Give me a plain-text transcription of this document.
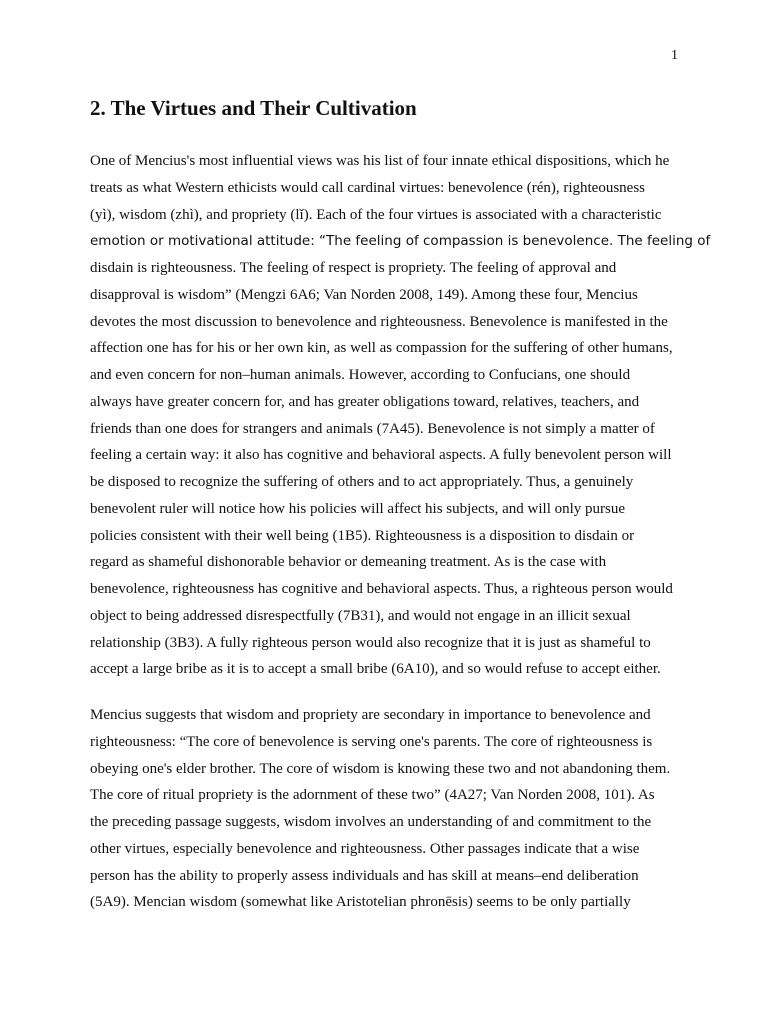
1
2. The Virtues and Their Cultivation

One of Mencius's most influential views was his list of four innate ethical dispositions, which he
treats as what Western ethicists would call cardinal virtues: benevolence (rén), righteousness
(yì), wisdom (zhì), and propriety (lǐ). Each of the four virtues is associated with a characteristic
emotion or motivational attitude: “The feeling of compassion is benevolence. The feeling of
disdain is righteousness. The feeling of respect is propriety. The feeling of approval and
disapproval is wisdom” (Mengzi 6A6; Van Norden 2008, 149). Among these four, Mencius
devotes the most discussion to benevolence and righteousness. Benevolence is manifested in the
affection one has for his or her own kin, as well as compassion for the suffering of other humans,
and even concern for non–human animals. However, according to Confucians, one should
always have greater concern for, and has greater obligations toward, relatives, teachers, and
friends than one does for strangers and animals (7A45). Benevolence is not simply a matter of
feeling a certain way: it also has cognitive and behavioral aspects. A fully benevolent person will
be disposed to recognize the suffering of others and to act appropriately. Thus, a genuinely
benevolent ruler will notice how his policies will affect his subjects, and will only pursue
policies consistent with their well being (1B5). Righteousness is a disposition to disdain or
regard as shameful dishonorable behavior or demeaning treatment. As is the case with
benevolence, righteousness has cognitive and behavioral aspects. Thus, a righteous person would
object to being addressed disrespectfully (7B31), and would not engage in an illicit sexual
relationship (3B3). A fully righteous person would also recognize that it is just as shameful to
accept a large bribe as it is to accept a small bribe (6A10), and so would refuse to accept either.

Mencius suggests that wisdom and propriety are secondary in importance to benevolence and
righteousness: “The core of benevolence is serving one's parents. The core of righteousness is
obeying one's elder brother. The core of wisdom is knowing these two and not abandoning them.
The core of ritual propriety is the adornment of these two” (4A27; Van Norden 2008, 101). As
the preceding passage suggests, wisdom involves an understanding of and commitment to the
other virtues, especially benevolence and righteousness. Other passages indicate that a wise
person has the ability to properly assess individuals and has skill at means–end deliberation
(5A9). Mencian wisdom (somewhat like Aristotelian phronēsis) seems to be only partially
